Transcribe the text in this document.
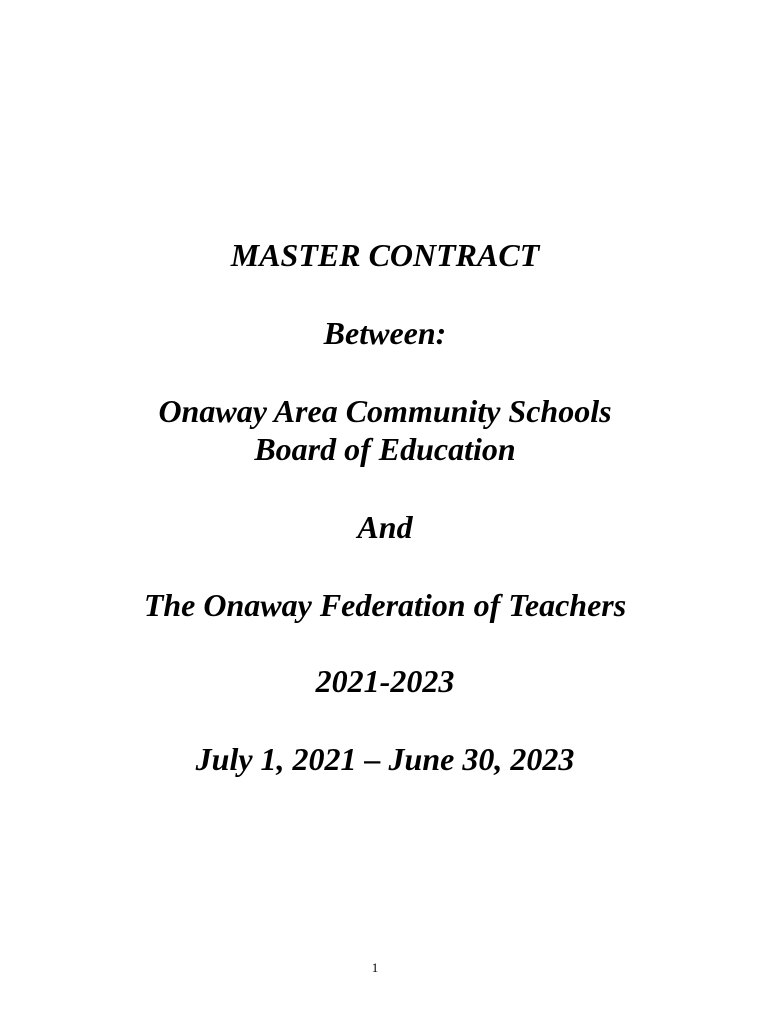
MASTER CONTRACT
Between:
Onaway Area Community Schools
Board of Education
And
The Onaway Federation of Teachers
2021-2023
July 1, 2021 – June 30, 2023
1
